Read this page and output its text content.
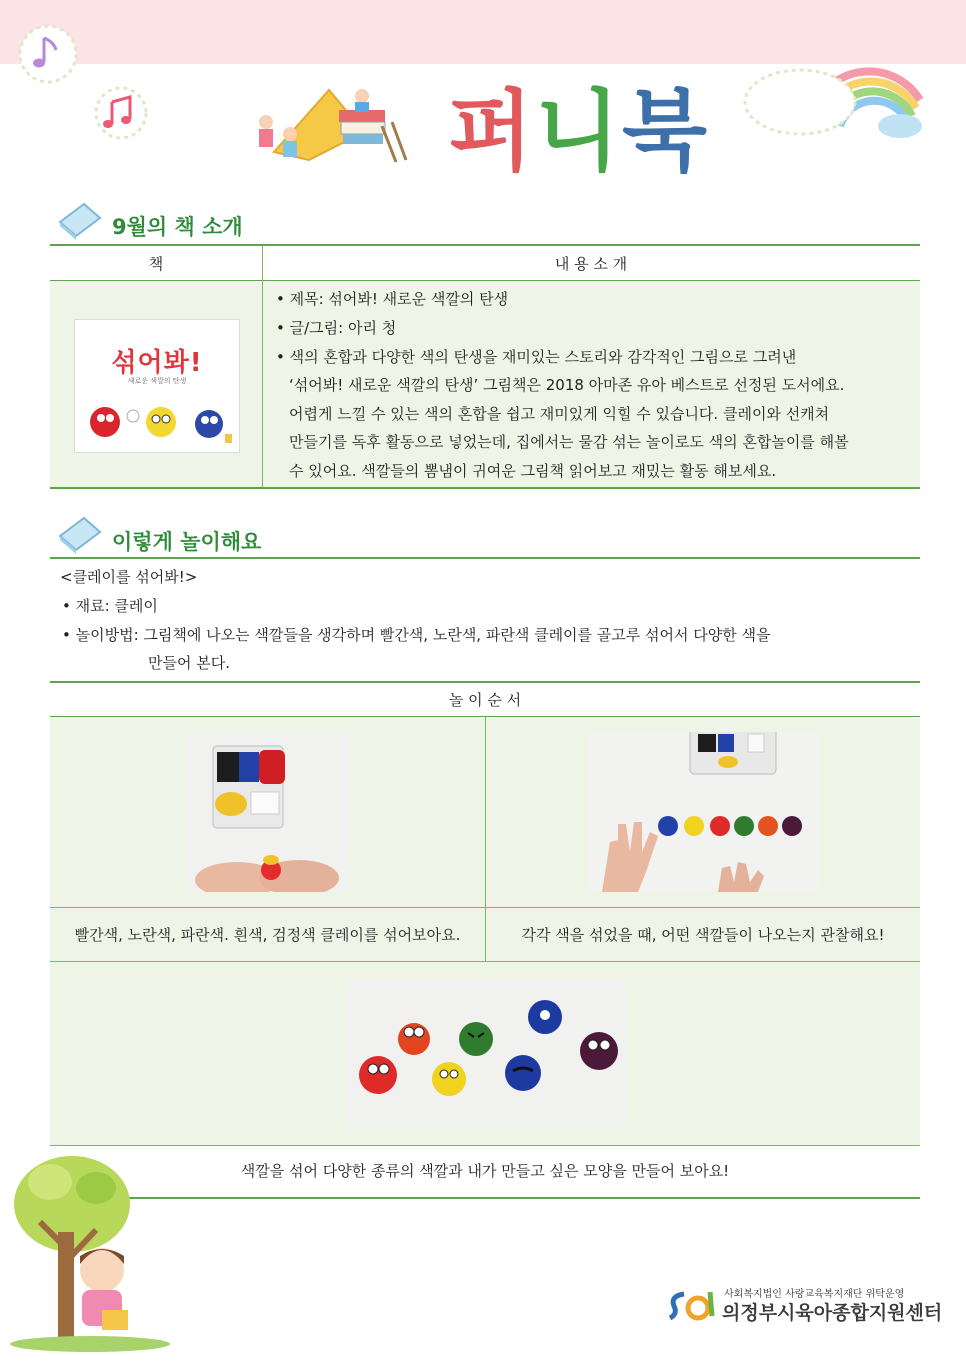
퍼니북
9월의 책 소개
책	내 용 소 개
섞어봐!
새로운 색깔의 탄생
• 제목: 섞어봐! 새로운 색깔의 탄생
• 글/그림: 아리 청
• 색의 혼합과 다양한 색의 탄생을 재미있는 스토리와 감각적인 그림으로 그려낸
‘섞어봐! 새로운 색깔의 탄생’ 그림책은 2018 아마존 유아 베스트로 선정된 도서에요.
어렵게 느낄 수 있는 색의 혼합을 쉽고 재미있게 익힐 수 있습니다. 클레이와 선캐쳐
만들기를 독후 활동으로 넣었는데, 집에서는 물감 섞는 놀이로도 색의 혼합놀이를 해볼
수 있어요. 색깔들의 뽐냄이 귀여운 그림책 읽어보고 재밌는 활동 해보세요.
이렇게 놀이해요
<클레이를 섞어봐!>
• 재료: 클레이
• 놀이방법: 그림책에 나오는 색깔들을 생각하며 빨간색, 노란색, 파란색 클레이를 골고루 섞어서 다양한 색을
만들어 본다.
놀 이 순 서
빨간색, 노란색, 파란색. 흰색, 검정색 클레이를 섞어보아요.	각각 색을 섞었을 때, 어떤 색깔들이 나오는지 관찰해요!
색깔을 섞어 다양한 종류의 색깔과 내가 만들고 싶은 모양을 만들어 보아요!
사회복지법인 사랑교육복지재단 위탁운영
의정부시육아종합지원센터
